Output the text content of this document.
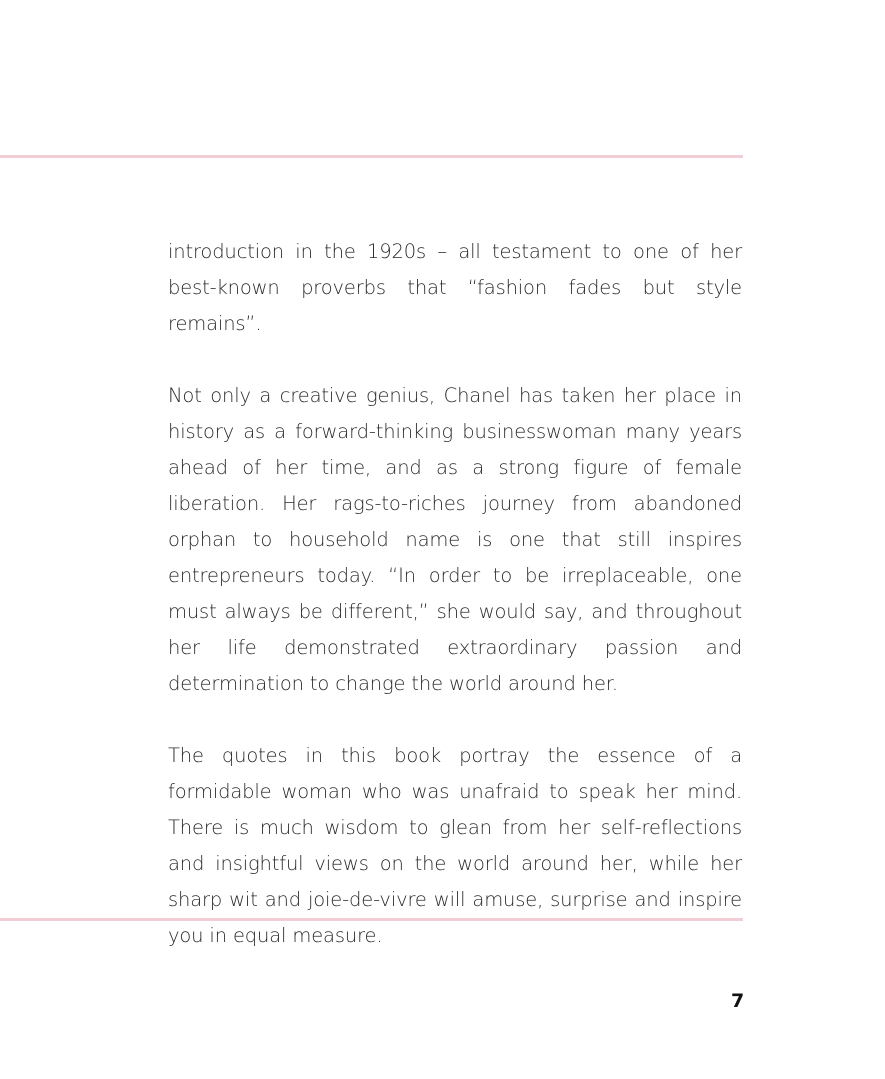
introduction in the 1920s – all testament to one of her best-known proverbs that “fashion fades but style remains”.

Not only a creative genius, Chanel has taken her place in history as a forward-thinking businesswoman many years ahead of her time, and as a strong figure of female liberation. Her rags-to-riches journey from abandoned orphan to household name is one that still inspires entrepreneurs today. “In order to be irreplaceable, one must always be different,” she would say, and throughout her life demonstrated extraordinary passion and determination to change the world around her.

The quotes in this book portray the essence of a formidable woman who was unafraid to speak her mind. There is much wisdom to glean from her self-reflections and insightful views on the world around her, while her sharp wit and joie-de-vivre will amuse, surprise and inspire you in equal measure.

7
